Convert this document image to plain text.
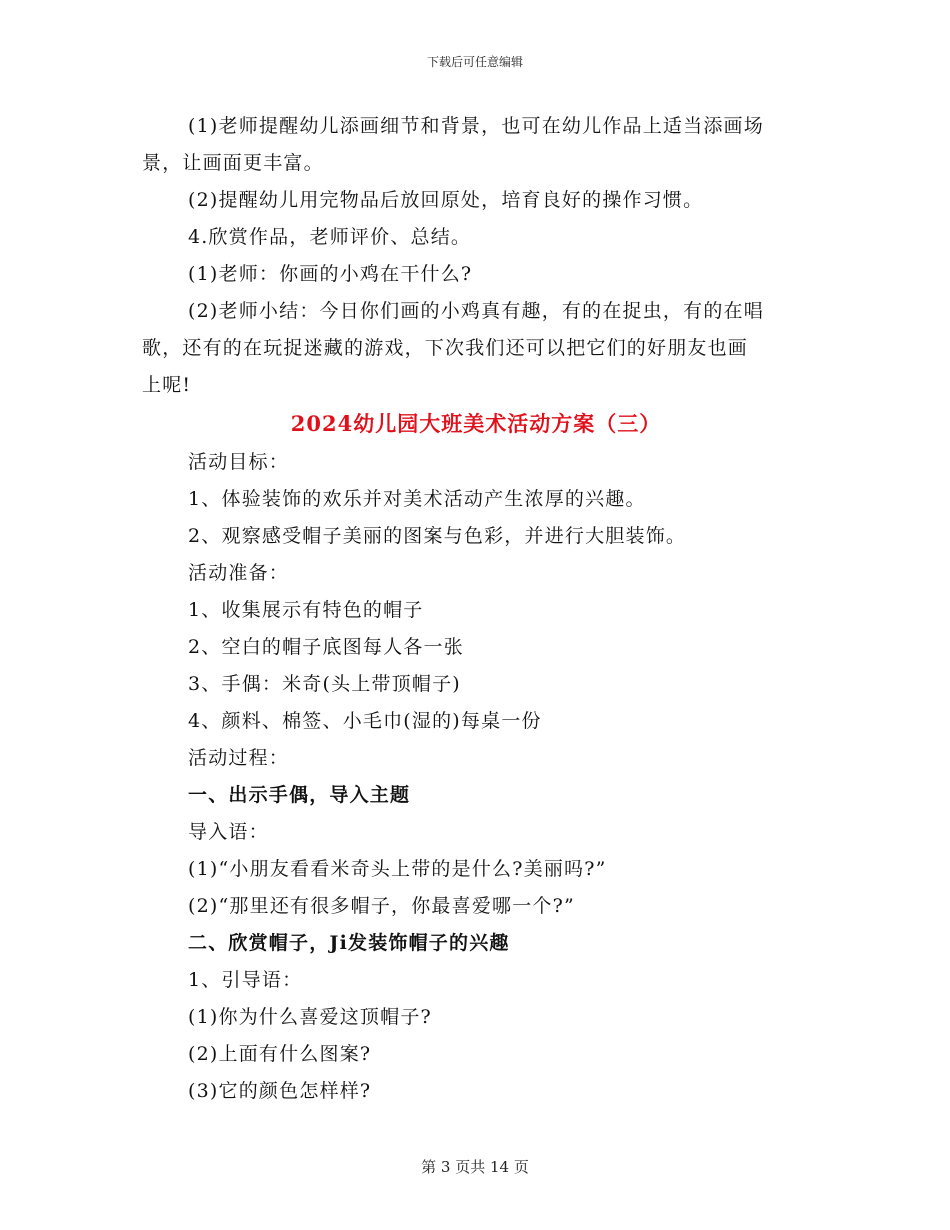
下载后可任意编辑
(1)老师提醒幼儿添画细节和背景，也可在幼儿作品上适当添画场
景，让画面更丰富。
(2)提醒幼儿用完物品后放回原处，培育良好的操作习惯。
4.欣赏作品，老师评价、总结。
(1)老师：你画的小鸡在干什么?
(2)老师小结：今日你们画的小鸡真有趣，有的在捉虫，有的在唱
歌，还有的在玩捉迷藏的游戏，下次我们还可以把它们的好朋友也画
上呢!
2024幼儿园大班美术活动方案（三）
活动目标：
1、体验装饰的欢乐并对美术活动产生浓厚的兴趣。
2、观察感受帽子美丽的图案与色彩，并进行大胆装饰。
活动准备：
1、收集展示有特色的帽子
2、空白的帽子底图每人各一张
3、手偶：米奇(头上带顶帽子)
4、颜料、棉签、小毛巾(湿的)每桌一份
活动过程：
一、出示手偶，导入主题
导入语：
(1)“小朋友看看米奇头上带的是什么?美丽吗?”
(2)“那里还有很多帽子，你最喜爱哪一个?”
二、欣赏帽子，Ji发装饰帽子的兴趣
1、引导语：
(1)你为什么喜爱这顶帽子?
(2)上面有什么图案?
(3)它的颜色怎样样?
第 3 页共 14 页
